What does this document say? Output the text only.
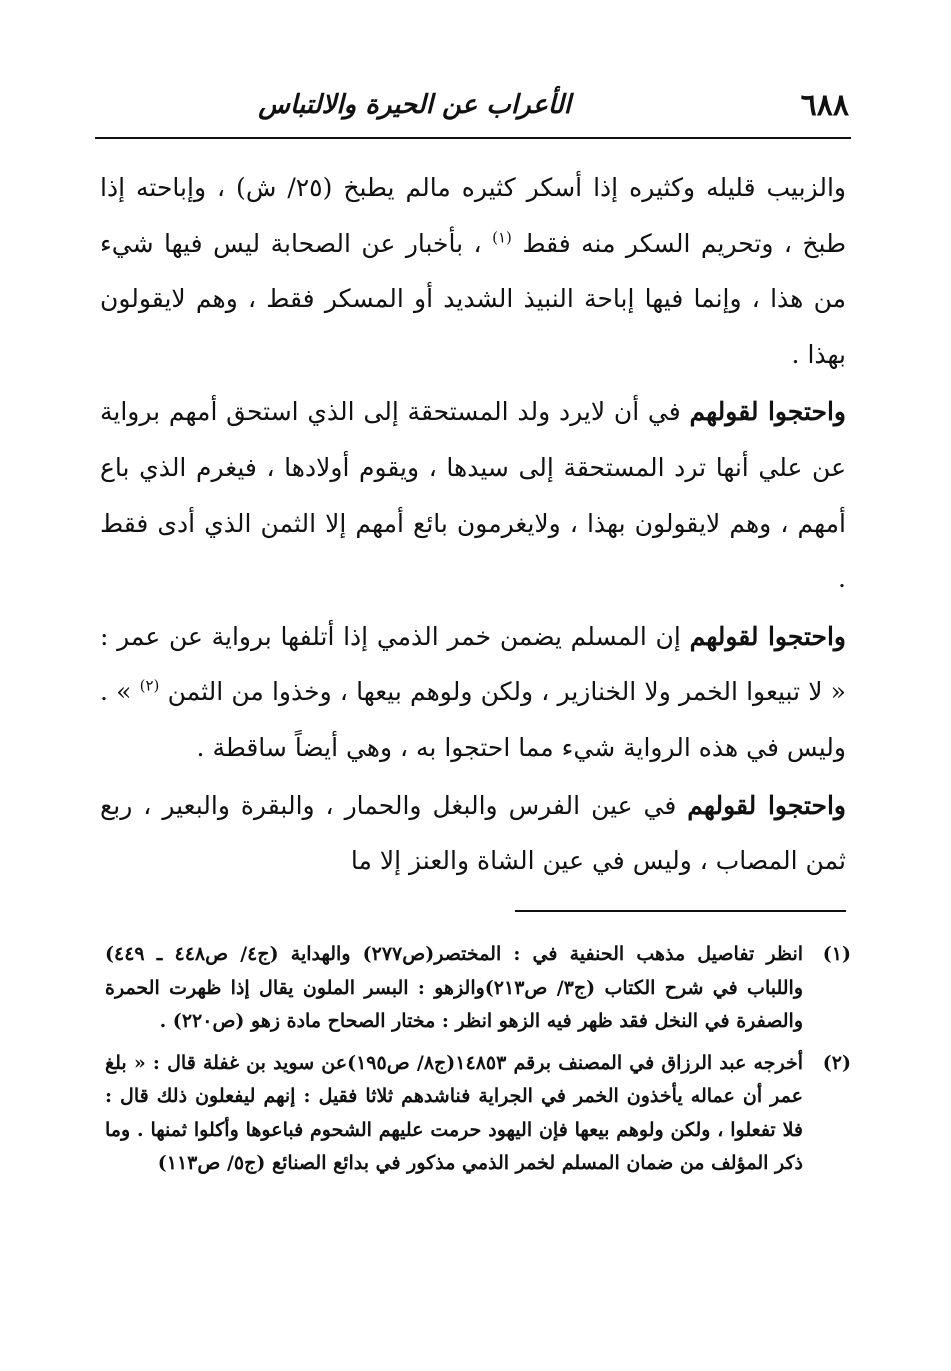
٦٨٨
الأعراب عن الحيرة والالتباس

والزبيب قليله وكثيره إذا أسكر كثيره مالم يطبخ (٢٥/ ش) ، وإباحته إذا طبخ ، وتحريم السكر منه فقط $^{(١)}$ ، بأخبار عن الصحابة ليس فيها شيء من هذا ، وإنما فيها إباحة النبيذ الشديد أو المسكر فقط ، وهم لايقولون بهذا .

واحتجوا لقولهم في أن لايرد ولد المستحقة إلى الذي استحق أمهم برواية عن علي أنها ترد المستحقة إلى سيدها ، ويقوم أولادها ، فيغرم الذي باع أمهم ، وهم لايقولون بهذا ، ولايغرمون بائع أمهم إلا الثمن الذي أدى فقط .

واحتجوا لقولهم إن المسلم يضمن خمر الذمي إذا أتلفها برواية عن عمر : « لا تبيعوا الخمر ولا الخنازير ، ولكن ولوهم بيعها ، وخذوا من الثمن $^{(٢)}$ » . وليس في هذه الرواية شيء مما احتجوا به ، وهي أيضاً ساقطة .

واحتجوا لقولهم في عين الفرس والبغل والحمار ، والبقرة والبعير ، ربع ثمن المصاب ، وليس في عين الشاة والعنز إلا ما

(١)
انظر تفاصيل مذهب الحنفية في : المختصر(ص٢٧٧) والهداية (ج٤/ ص٤٤٨ ـ ٤٤٩) واللباب في شرح الكتاب (ج٣/ ص٢١٣)والزهو : البسر الملون يقال إذا ظهرت الحمرة والصفرة في النخل فقد ظهر فيه الزهو انظر : مختار الصحاح مادة زهو (ص٢٢٠) .
(٢)
أخرجه عبد الرزاق في المصنف برقم ١٤٨٥٣(ج٨/ ص١٩٥)عن سويد بن غفلة قال : « بلغ عمر أن عماله يأخذون الخمر في الجراية فناشدهم ثلاثا فقيل : إنهم ليفعلون ذلك قال : فلا تفعلوا ، ولكن ولوهم بيعها فإن اليهود حرمت عليهم الشحوم فباعوها وأكلوا ثمنها . وما ذكر المؤلف من ضمان المسلم لخمر الذمي مذكور في بدائع الصنائع (ج٥/ ص١١٣)
